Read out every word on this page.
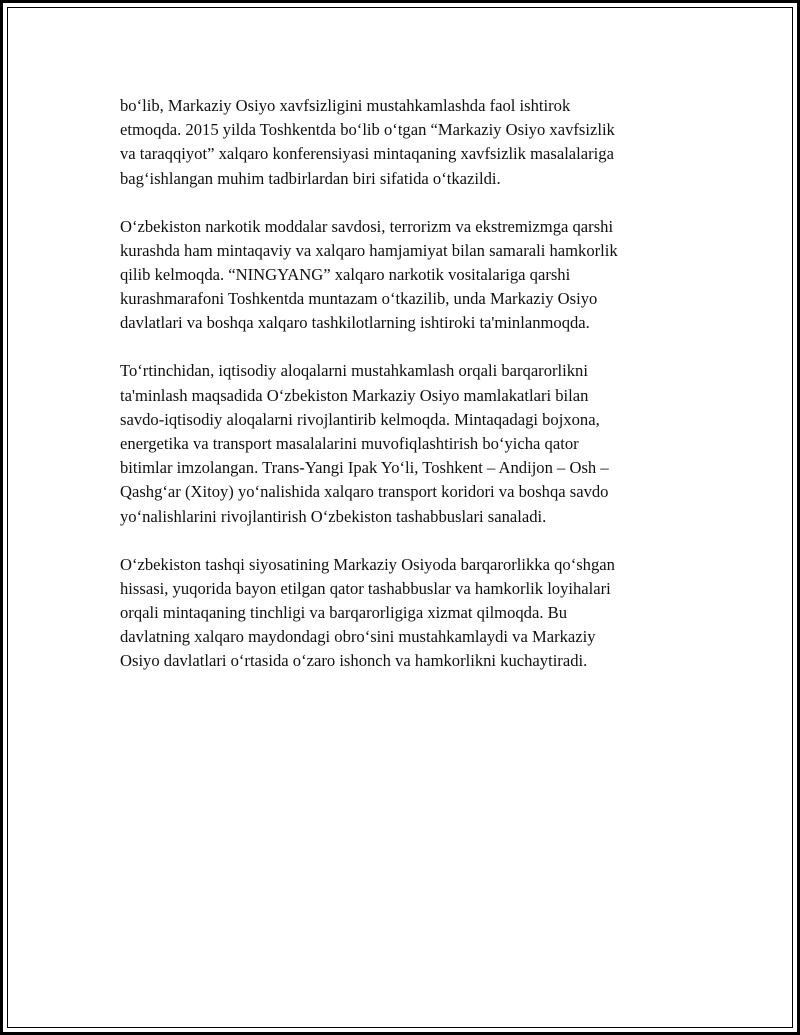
bo‘lib, Markaziy Osiyo xavfsizligini mustahkamlashda faol ishtirok
etmoqda. 2015 yilda Toshkentda bo‘lib o‘tgan “Markaziy Osiyo xavfsizlik
va taraqqiyot” xalqaro konferensiyasi mintaqaning xavfsizlik masalalariga
bag‘ishlangan muhim tadbirlardan biri sifatida o‘tkazildi.

O‘zbekiston narkotik moddalar savdosi, terrorizm va ekstremizmga qarshi
kurashda ham mintaqaviy va xalqaro hamjamiyat bilan samarali hamkorlik
qilib kelmoqda. “NINGYANG” xalqaro narkotik vositalariga qarshi
kurashmarafoni Toshkentda muntazam o‘tkazilib, unda Markaziy Osiyo
davlatlari va boshqa xalqaro tashkilotlarning ishtiroki ta'minlanmoqda.

To‘rtinchidan, iqtisodiy aloqalarni mustahkamlash orqali barqarorlikni
ta'minlash maqsadida O‘zbekiston Markaziy Osiyo mamlakatlari bilan
savdo-iqtisodiy aloqalarni rivojlantirib kelmoqda. Mintaqadagi bojxona,
energetika va transport masalalarini muvofiqlashtirish bo‘yicha qator
bitimlar imzolangan. Trans-Yangi Ipak Yo‘li, Toshkent – Andijon – Osh –
Qashg‘ar (Xitoy) yo‘nalishida xalqaro transport koridori va boshqa savdo
yo‘nalishlarini rivojlantirish O‘zbekiston tashabbuslari sanaladi.

O‘zbekiston tashqi siyosatining Markaziy Osiyoda barqarorlikka qo‘shgan
hissasi, yuqorida bayon etilgan qator tashabbuslar va hamkorlik loyihalari
orqali mintaqaning tinchligi va barqarorligiga xizmat qilmoqda. Bu
davlatning xalqaro maydondagi obro‘sini mustahkamlaydi va Markaziy
Osiyo davlatlari o‘rtasida o‘zaro ishonch va hamkorlikni kuchaytiradi.
